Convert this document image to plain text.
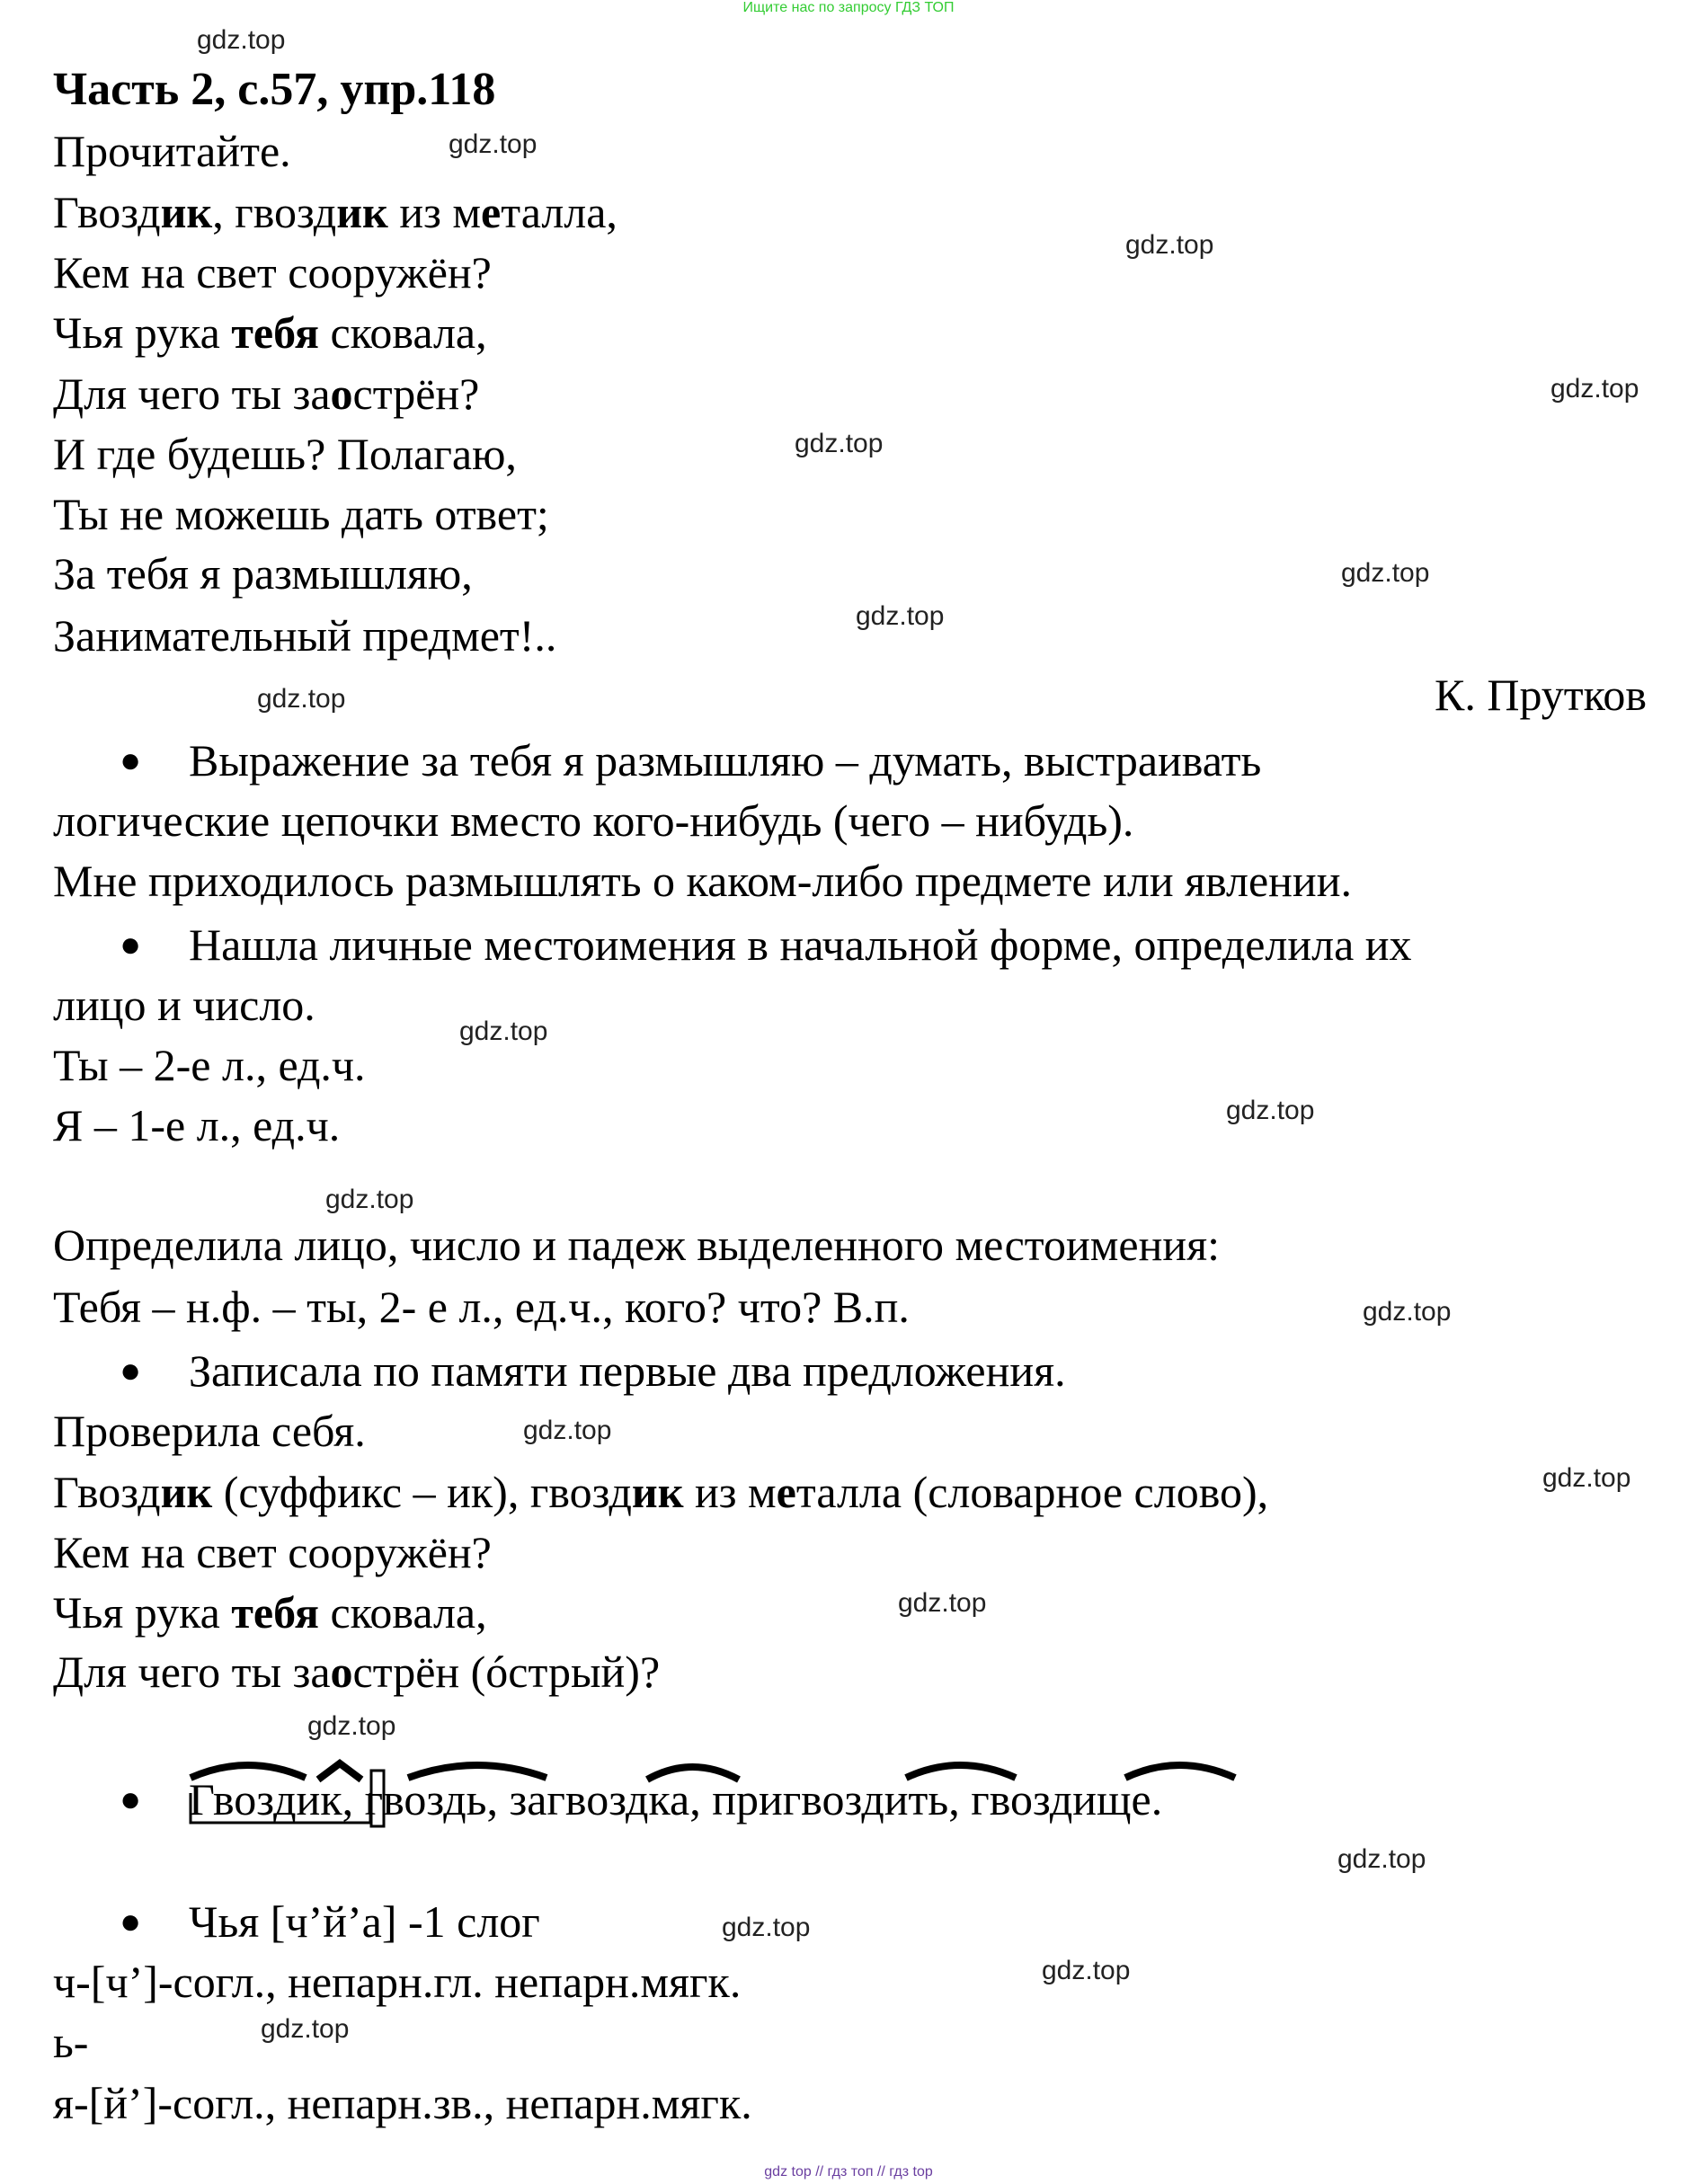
Ищите нас по запросу ГДЗ ТОП
Часть 2, с.57, упр.118
Прочитайте.
Гвоздик, гвоздик из металла,
Кем на свет сооружён?
Чья рука тебя сковала,
Для чего ты заострён?
И где будешь? Полагаю,
Ты не можешь дать ответ;
За тебя я размышляю,
Занимательный предмет!..
К. Прутков
● Выражение за тебя я размышляю – думать, выстраивать
логические цепочки вместо кого-нибудь (чего – нибудь).
Мне приходилось размышлять о каком-либо предмете или явлении.
● Нашла личные местоимения в начальной форме, определила их
лицо и число.
Ты – 2-е л., ед.ч.
Я – 1-е л., ед.ч.
Определила лицо, число и падеж выделенного местоимения:
Тебя – н.ф. – ты, 2- е л., ед.ч., кого? что? В.п.
● Записала по памяти первые два предложения.
Проверила себя.
Гвоздик (суффикс – ик), гвоздик из металла (словарное слово),
Кем на свет сооружён?
Чья рука тебя сковала,
Для чего ты заострён (óстрый)?
● Гвоздик, гвоздь, загвоздка, пригвоздить, гвоздище.
● Чья [ч’й’а] -1 слог
ч-[ч’]-согл., непарн.гл. непарн.мягк.
ь-
я-[й’]-согл., непарн.зв., непарн.мягк.
gdz.top
gdz.top
gdz.top
gdz.top
gdz.top
gdz.top
gdz.top
gdz.top
gdz.top
gdz.top
gdz.top
gdz.top
gdz.top
gdz.top
gdz.top
gdz.top
gdz.top
gdz.top
gdz.top
gdz.top
gdz top // гдз топ // гдз top
